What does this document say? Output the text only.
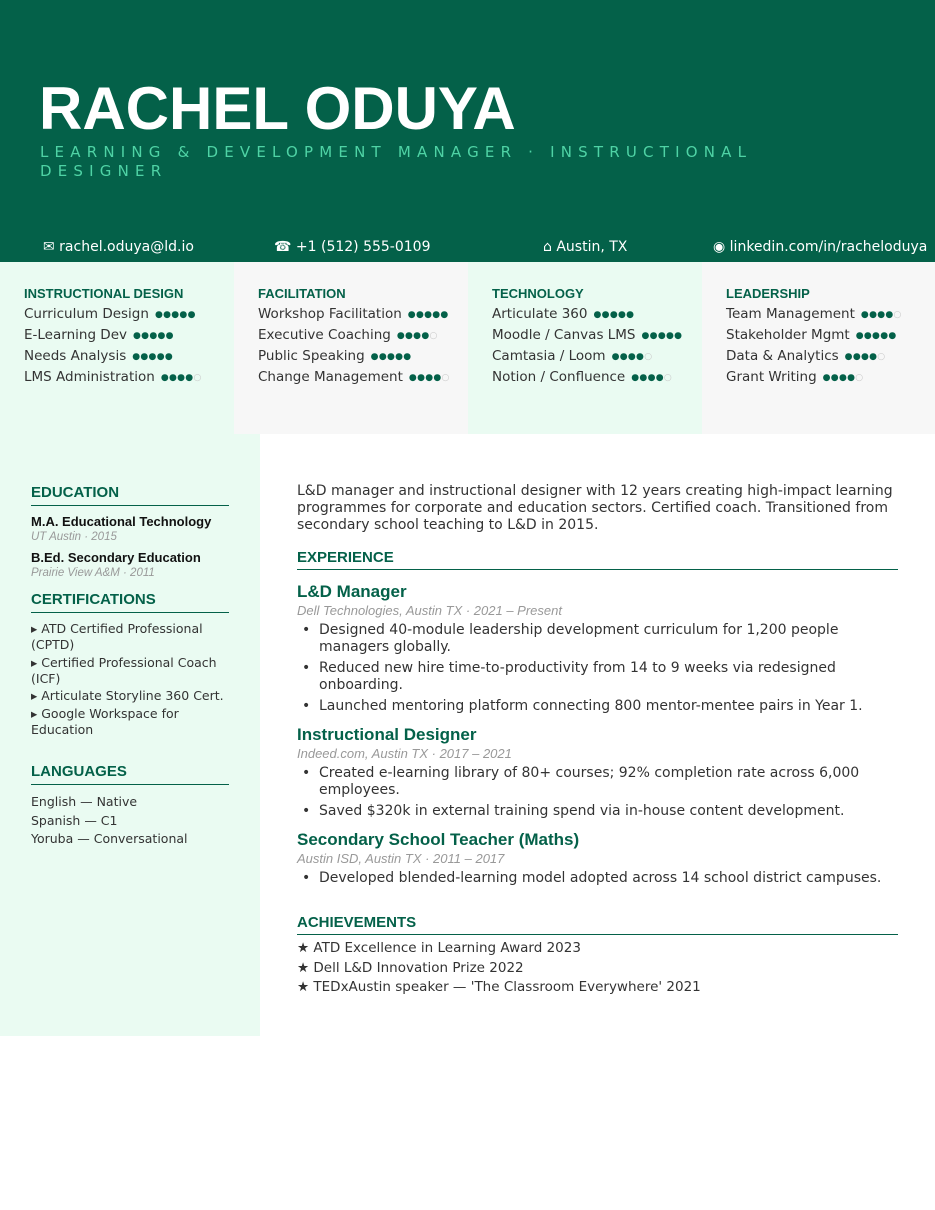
RACHEL ODUYA
LEARNING & DEVELOPMENT MANAGER · INSTRUCTIONAL DESIGNER
✉ rachel.oduya@ld.io	☎ +1 (512) 555-0109	⌂ Austin, TX	◉ linkedin.com/in/racheloduya
INSTRUCTIONAL DESIGN
Curriculum Design ●●●●●
E-Learning Dev ●●●●●
Needs Analysis ●●●●●
LMS Administration ●●●●○
FACILITATION
Workshop Facilitation ●●●●●
Executive Coaching ●●●●○
Public Speaking ●●●●●
Change Management ●●●●○
TECHNOLOGY
Articulate 360 ●●●●●
Moodle / Canvas LMS ●●●●●
Camtasia / Loom ●●●●○
Notion / Confluence ●●●●○
LEADERSHIP
Team Management ●●●●○
Stakeholder Mgmt ●●●●●
Data & Analytics ●●●●○
Grant Writing ●●●●○
EDUCATION
M.A. Educational Technology
UT Austin · 2015
B.Ed. Secondary Education
Prairie View A&M · 2011
CERTIFICATIONS
▸ ATD Certified Professional (CPTD)
▸ Certified Professional Coach (ICF)
▸ Articulate Storyline 360 Cert.
▸ Google Workspace for Education
LANGUAGES
English — Native
Spanish — C1
Yoruba — Conversational
L&D manager and instructional designer with 12 years creating high-impact learning programmes for corporate and education sectors. Certified coach. Transitioned from secondary school teaching to L&D in 2015.
EXPERIENCE
L&D Manager
Dell Technologies, Austin TX · 2021 – Present
• Designed 40-module leadership development curriculum for 1,200 people managers globally.
• Reduced new hire time-to-productivity from 14 to 9 weeks via redesigned onboarding.
• Launched mentoring platform connecting 800 mentor-mentee pairs in Year 1.
Instructional Designer
Indeed.com, Austin TX · 2017 – 2021
• Created e-learning library of 80+ courses; 92% completion rate across 6,000 employees.
• Saved $320k in external training spend via in-house content development.
Secondary School Teacher (Maths)
Austin ISD, Austin TX · 2011 – 2017
• Developed blended-learning model adopted across 14 school district campuses.
ACHIEVEMENTS
★ ATD Excellence in Learning Award 2023
★ Dell L&D Innovation Prize 2022
★ TEDxAustin speaker — 'The Classroom Everywhere' 2021
